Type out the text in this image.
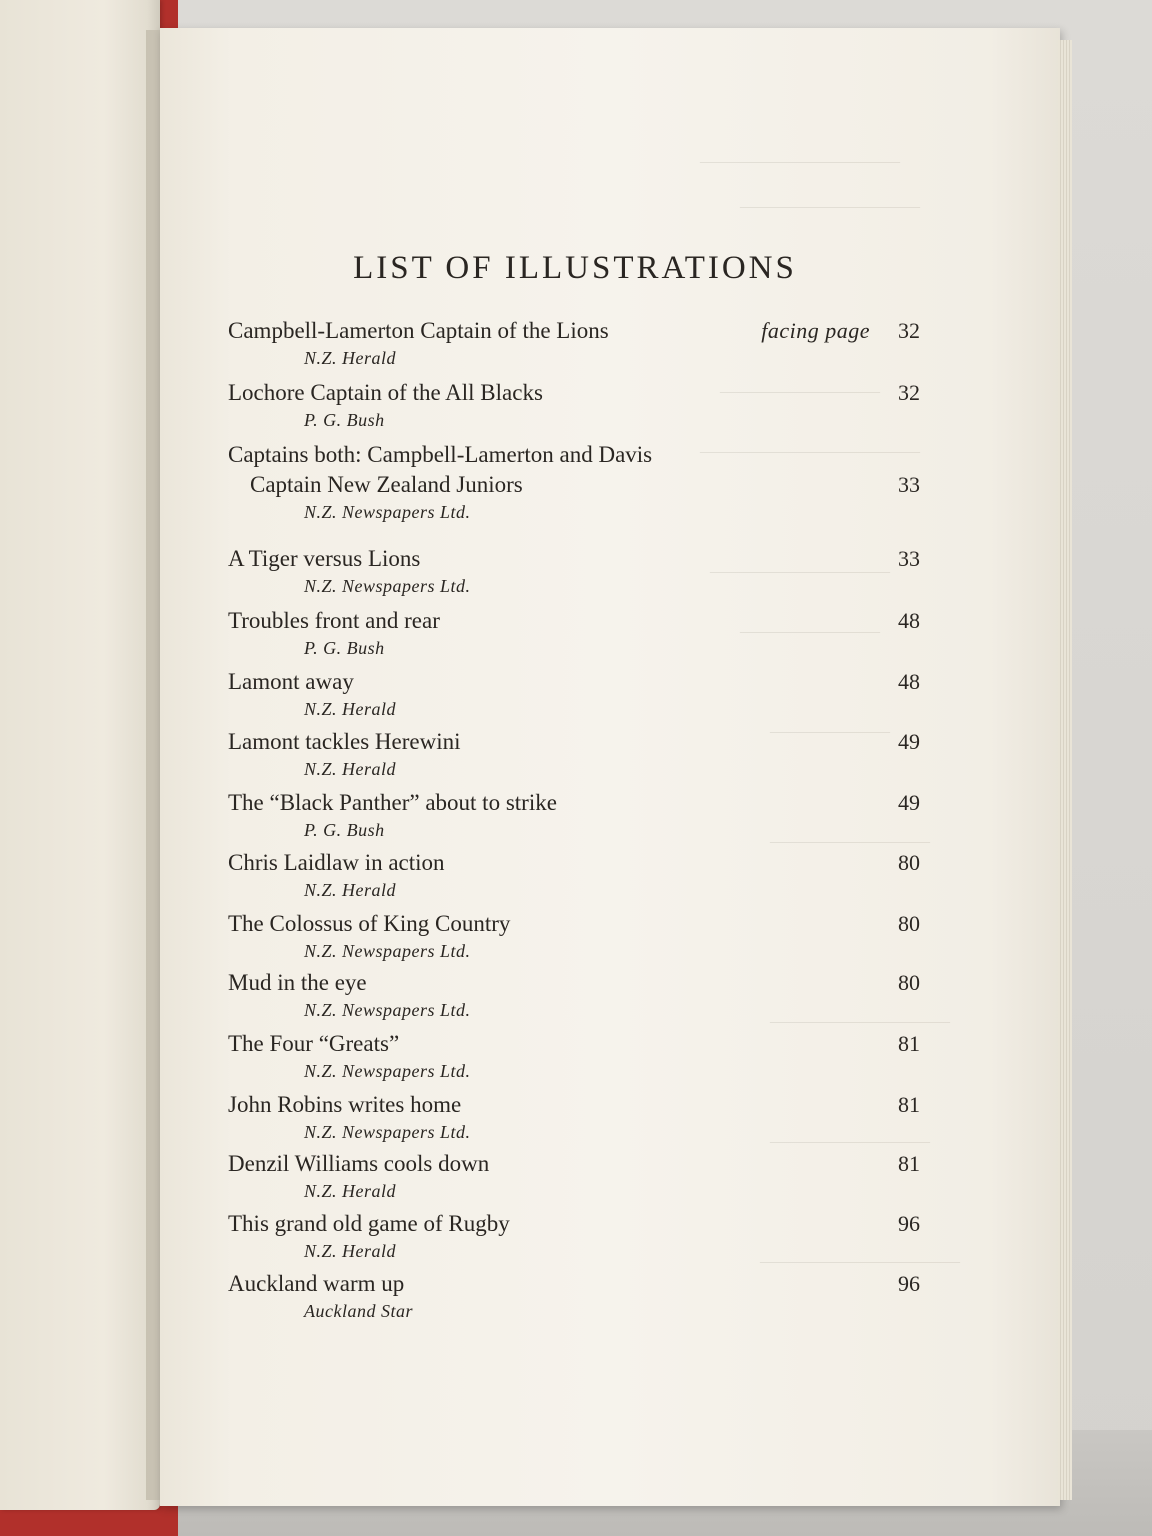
——————————
—————————
————————
———————————
—————————
———————
——————
————————
—————————
————————
——————————
LIST OF ILLUSTRATIONS
Campbell-Lamerton Captain of the Lions
N.Z. Herald
32
facing page
Lochore Captain of the All Blacks
P. G. Bush
32
Captains both: Campbell-Lamerton and Davis
Captain New Zealand Juniors
N.Z. Newspapers Ltd.
33
A Tiger versus Lions
N.Z. Newspapers Ltd.
33
Troubles front and rear
P. G. Bush
48
Lamont away
N.Z. Herald
48
Lamont tackles Herewini
N.Z. Herald
49
The “Black Panther” about to strike
P. G. Bush
49
Chris Laidlaw in action
N.Z. Herald
80
The Colossus of King Country
N.Z. Newspapers Ltd.
80
Mud in the eye
N.Z. Newspapers Ltd.
80
The Four “Greats”
N.Z. Newspapers Ltd.
81
John Robins writes home
N.Z. Newspapers Ltd.
81
Denzil Williams cools down
N.Z. Herald
81
This grand old game of Rugby
N.Z. Herald
96
Auckland warm up
Auckland Star
96
